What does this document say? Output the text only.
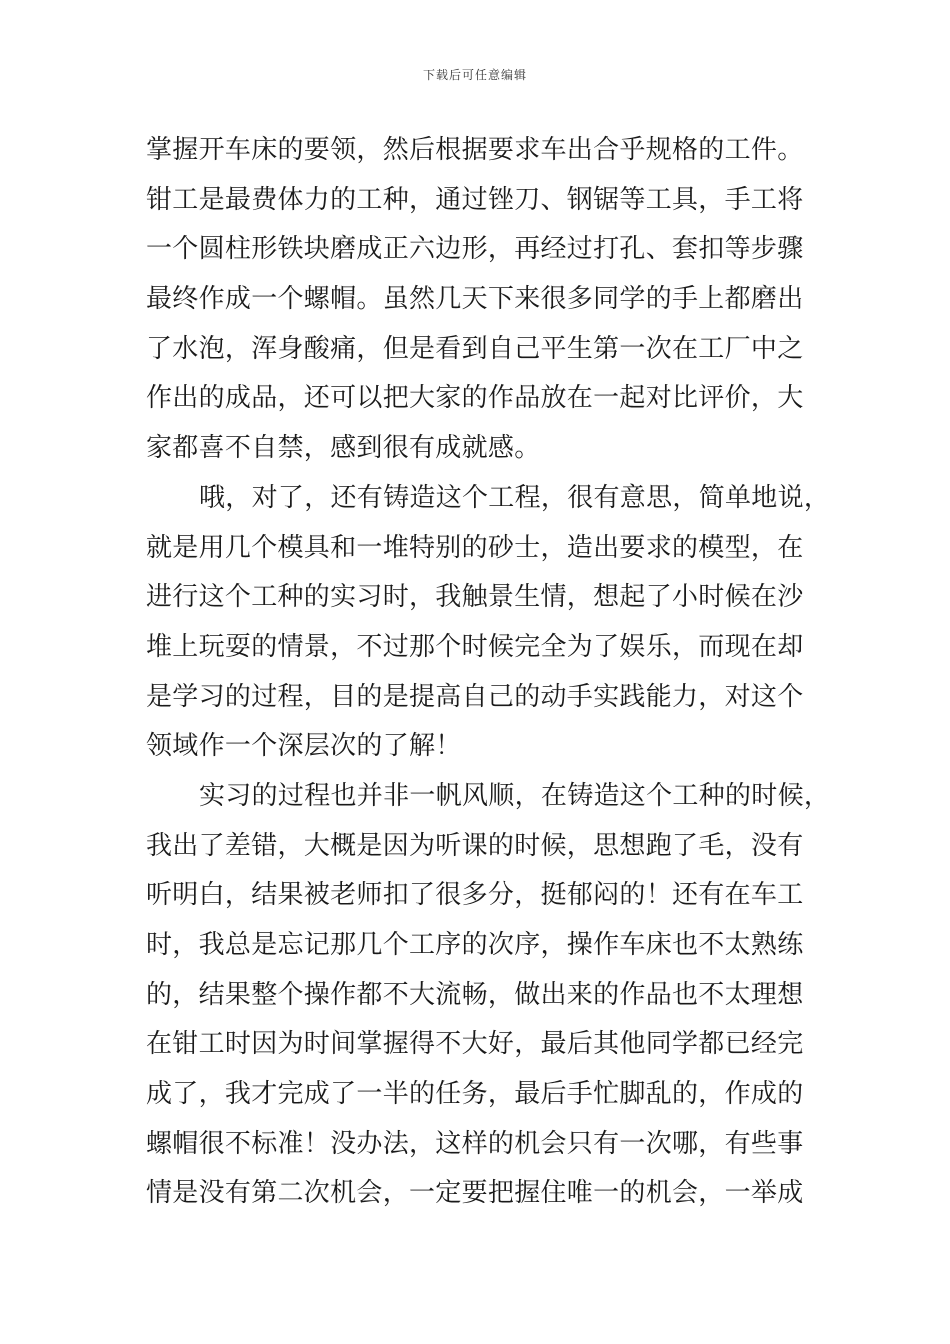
下载后可任意编辑
掌握开车床的要领，然后根据要求车出合乎规格的工件。
钳工是最费体力的工种，通过锉刀、钢锯等工具，手工将
一个圆柱形铁块磨成正六边形，再经过打孔、套扣等步骤
最终作成一个螺帽。虽然几天下来很多同学的手上都磨出
了水泡，浑身酸痛，但是看到自己平生第一次在工厂中之
作出的成品，还可以把大家的作品放在一起对比评价，大
家都喜不自禁，感到很有成就感。
哦，对了，还有铸造这个工程，很有意思，简单地说，
就是用几个模具和一堆特别的砂士，造出要求的模型，在
进行这个工种的实习时，我触景生情，想起了小时候在沙
堆上玩耍的情景，不过那个时候完全为了娱乐，而现在却
是学习的过程，目的是提高自己的动手实践能力，对这个
领域作一个深层次的了解！
实习的过程也并非一帆风顺，在铸造这个工种的时候，
我出了差错，大概是因为听课的时候，思想跑了毛，没有
听明白，结果被老师扣了很多分，挺郁闷的！还有在车工
时，我总是忘记那几个工序的次序，操作车床也不太熟练
的，结果整个操作都不大流畅，做出来的作品也不太理想
在钳工时因为时间掌握得不大好，最后其他同学都已经完
成了，我才完成了一半的任务，最后手忙脚乱的，作成的
螺帽很不标准！没办法，这样的机会只有一次哪，有些事
情是没有第二次机会，一定要把握住唯一的机会，一举成
